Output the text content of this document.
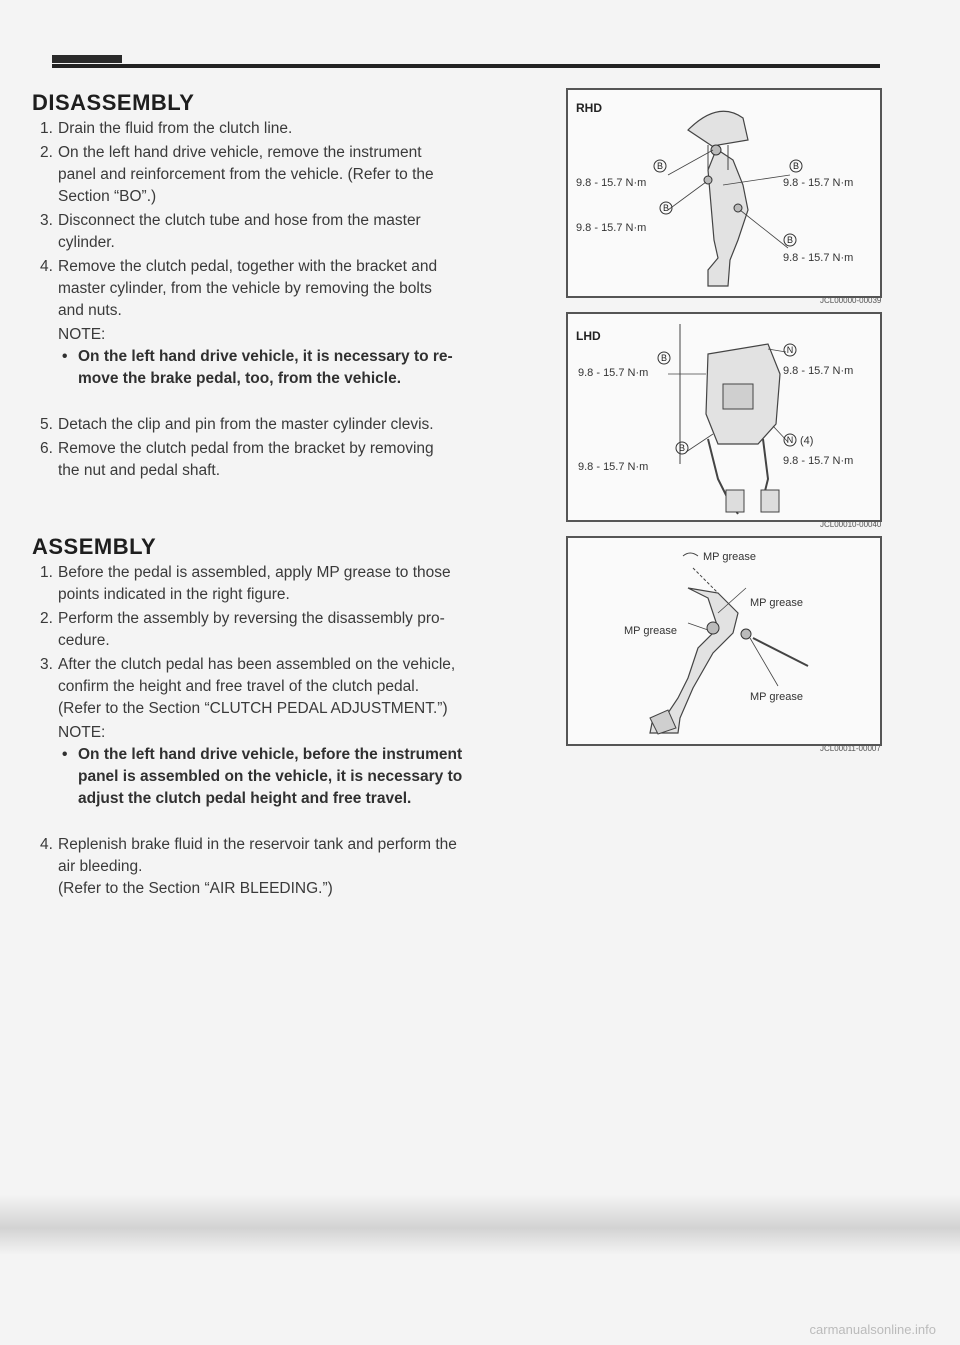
DISASSEMBLY
1. Drain the fluid from the clutch line.
2. On the left hand drive vehicle, remove the instrument
panel and reinforcement from the vehicle. (Refer to the
Section “BO”.)
3. Disconnect the clutch tube and hose from the master
cylinder.
4. Remove the clutch pedal, together with the bracket and
master cylinder, from the vehicle by removing the bolts
and nuts.
NOTE:
• On the left hand drive vehicle, it is necessary to re-
move the brake pedal, too, from the vehicle.
5. Detach the clip and pin from the master cylinder clevis.
6. Remove the clutch pedal from the bracket by removing
the nut and pedal shaft.
ASSEMBLY
1. Before the pedal is assembled, apply MP grease to those
points indicated in the right figure.
2. Perform the assembly by reversing the disassembly pro-
cedure.
3. After the clutch pedal has been assembled on the vehicle,
confirm the height and free travel of the clutch pedal.
(Refer to the Section “CLUTCH PEDAL ADJUSTMENT.”)
NOTE:
• On the left hand drive vehicle, before the instrument
panel is assembled on the vehicle, it is necessary to
adjust the clutch pedal height and free travel.
4. Replenish brake fluid in the reservoir tank and perform the
air bleeding.
(Refer to the Section “AIR BLEEDING.”)
RHD
B	B
B
B
9.8 - 15.7 N·m	9.8 - 15.7 N·m
9.8 - 15.7 N·m
9.8 - 15.7 N·m
JCL00000-00039
LHD
B
N
B
N (4)
9.8 - 15.7 N·m	9.8 - 15.7 N·m
9.8 - 15.7 N·m	9.8 - 15.7 N·m
JCL00010-00040
MP grease
MP grease
MP grease
MP grease
JCL00011-00007
carmanualsonline.info
